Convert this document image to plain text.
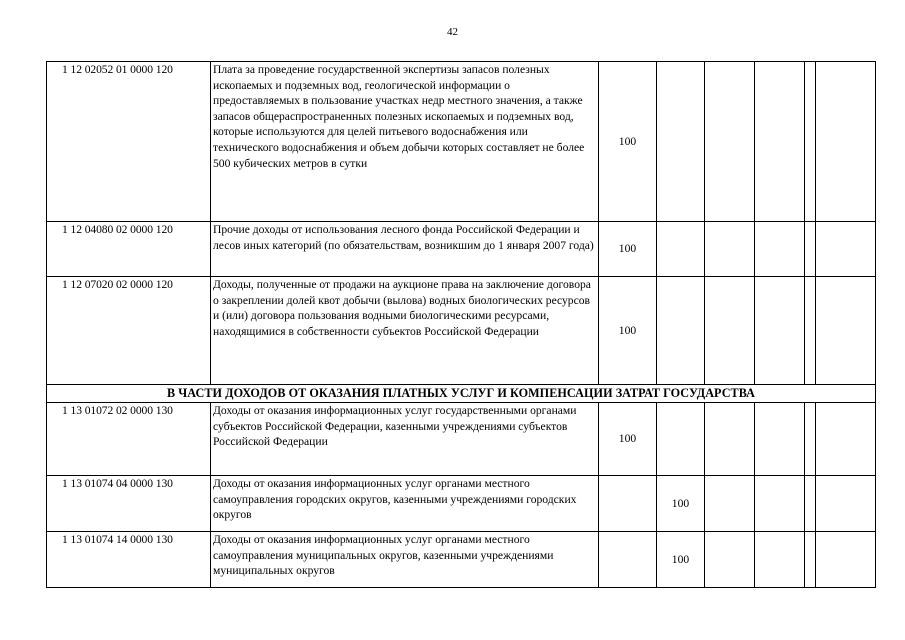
42
1 12 02052 01 0000 120	Плата за проведение государственной экспертизы запасов полезных ископаемых и подземных вод, геологической информации о предоставляемых в пользование участках недр местного значения, а также запасов общераспространенных полезных ископаемых и подземных вод, которые используются для целей питьевого водоснабжения или технического водоснабжения и объем добычи которых составляет не более 500 кубических метров в сутки	100					
1 12 04080 02 0000 120	Прочие доходы от использования лесного фонда Российской Федерации и лесов иных категорий (по обязательствам, возникшим до 1 января 2007 года)	100					
1 12 07020 02 0000 120	Доходы, полученные от продажи на аукционе права на заключение договора о закреплении долей квот добычи (вылова) водных биологических ресурсов и (или) договора пользования водными биологическими ресурсами, находящимися в собственности субъектов Российской Федерации	100					
В ЧАСТИ ДОХОДОВ ОТ ОКАЗАНИЯ ПЛАТНЫХ УСЛУГ И КОМПЕНСАЦИИ ЗАТРАТ ГОСУДАРСТВА							
1 13 01072 02 0000 130	Доходы от оказания информационных услуг государственными органами субъектов Российской Федерации, казенными учреждениями субъектов Российской Федерации	100					
1 13 01074 04 0000 130	Доходы от оказания информационных услуг органами местного самоуправления городских округов, казенными учреждениями городских округов		100				
1 13 01074 14 0000 130	Доходы от оказания информационных услуг органами местного самоуправления муниципальных округов, казенными учреждениями муниципальных округов		100				
